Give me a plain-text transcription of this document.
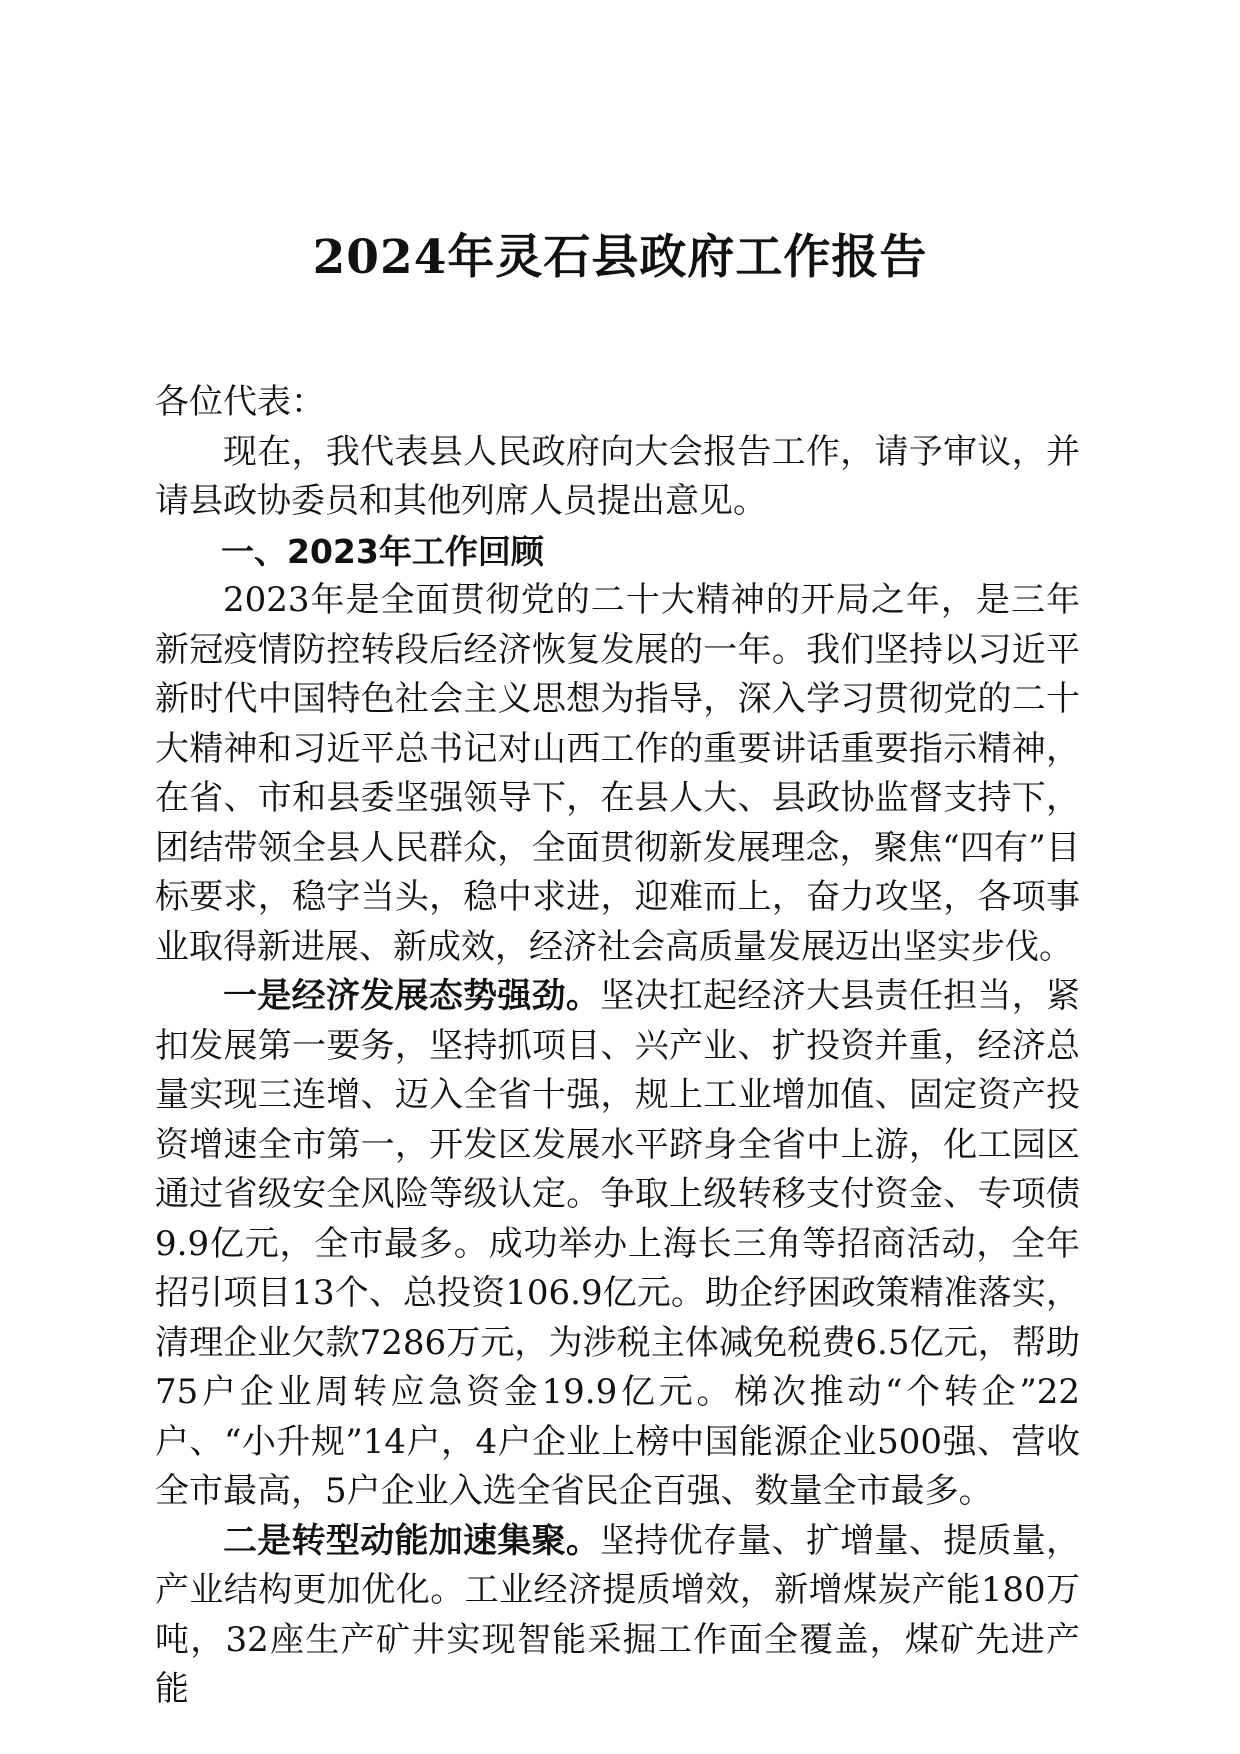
2024年灵石县政府工作报告

各位代表：

现在，我代表县人民政府向大会报告工作，请予审议，并请县政协委员和其他列席人员提出意见。

一、2023年工作回顾

2023年是全面贯彻党的二十大精神的开局之年，是三年新冠疫情防控转段后经济恢复发展的一年。我们坚持以习近平新时代中国特色社会主义思想为指导，深入学习贯彻党的二十大精神和习近平总书记对山西工作的重要讲话重要指示精神，在省、市和县委坚强领导下，在县人大、县政协监督支持下，团结带领全县人民群众，全面贯彻新发展理念，聚焦“四有”目标要求，稳字当头，稳中求进，迎难而上，奋力攻坚，各项事业取得新进展、新成效，经济社会高质量发展迈出坚实步伐。

一是经济发展态势强劲。坚决扛起经济大县责任担当，紧扣发展第一要务，坚持抓项目、兴产业、扩投资并重，经济总量实现三连增、迈入全省十强，规上工业增加值、固定资产投资增速全市第一，开发区发展水平跻身全省中上游，化工园区通过省级安全风险等级认定。争取上级转移支付资金、专项债9.9亿元，全市最多。成功举办上海长三角等招商活动，全年招引项目13个、总投资106.9亿元。助企纾困政策精准落实，清理企业欠款7286万元，为涉税主体减免税费6.5亿元，帮助75户企业周转应急资金19.9亿元。梯次推动“个转企”22户、“小升规”14户，4户企业上榜中国能源企业500强、营收全市最高，5户企业入选全省民企百强、数量全市最多。

二是转型动能加速集聚。坚持优存量、扩增量、提质量，产业结构更加优化。工业经济提质增效，新增煤炭产能180万吨，32座生产矿井实现智能采掘工作面全覆盖，煤矿先进产能
